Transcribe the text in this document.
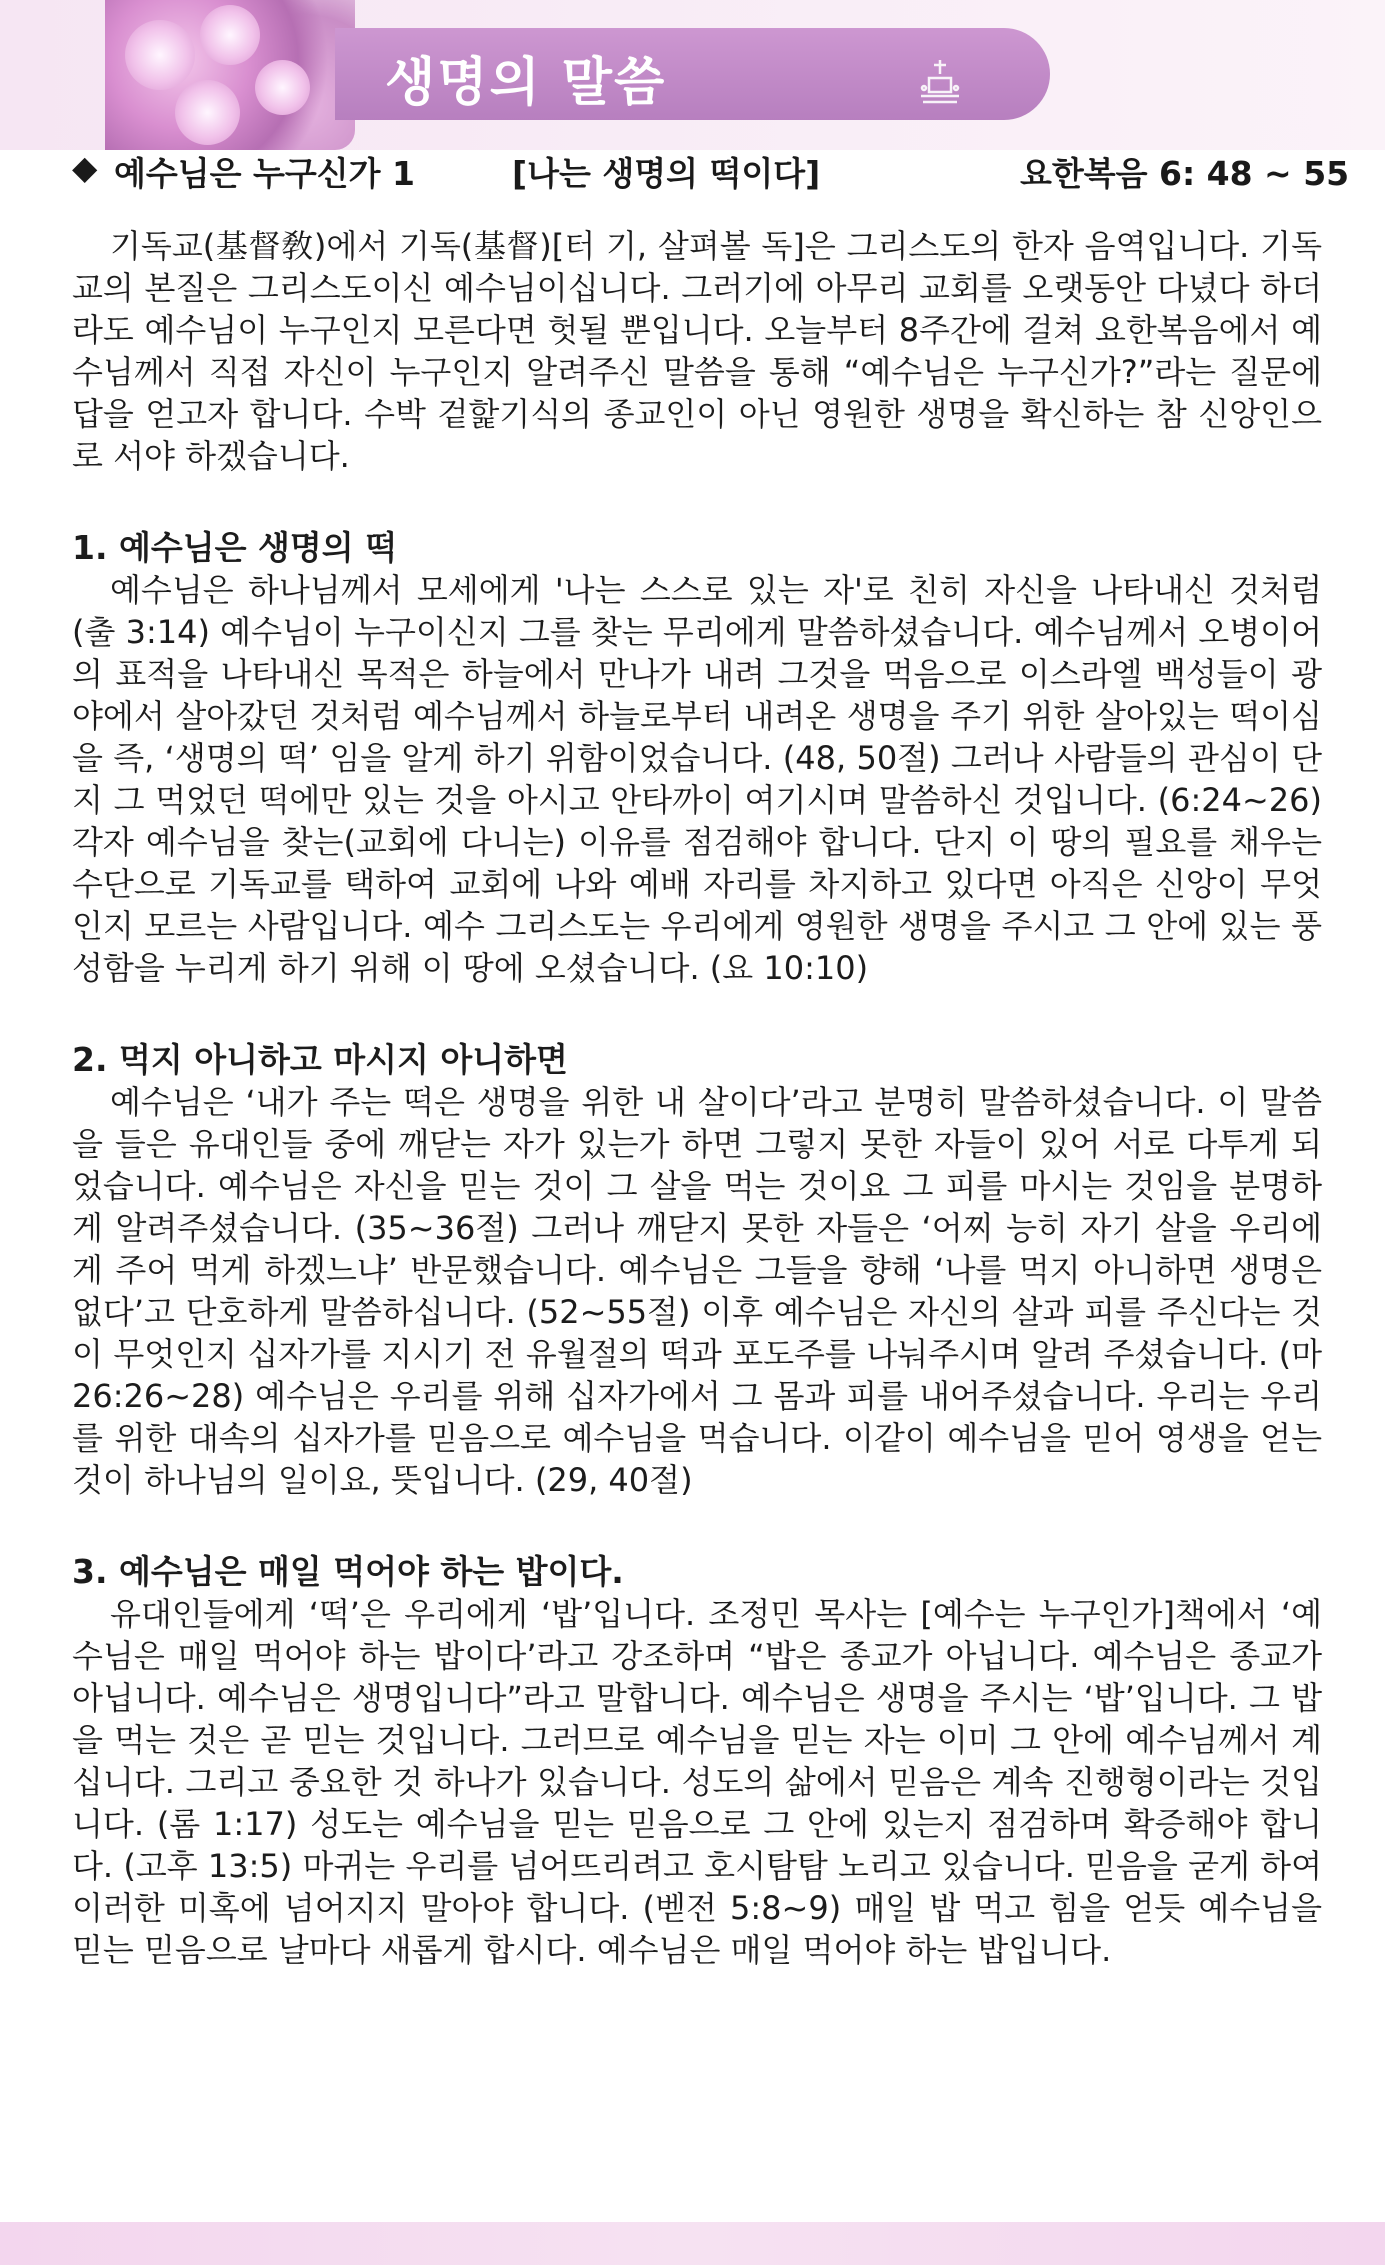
생명의 말씀

◆

예수님은 누구신가 1

	[나는 생명의 떡이다]

	요한복음 6: 48 ~ 55

기독교(基督敎)에서 기독(基督)[터 기, 살펴볼 독]은 그리스도의 한자 음역입니다. 기독교의 본질은 그리스도이신 예수님이십니다. 그러기에 아무리 교회를 오랫동안 다녔다 하더라도 예수님이 누구인지 모른다면 헛될 뿐입니다. 오늘부터 8주간에 걸쳐 요한복음에서 예수님께서 직접 자신이 누구인지 알려주신 말씀을 통해 “예수님은 누구신가?”라는 질문에 답을 얻고자 합니다. 수박 겉핥기식의 종교인이 아닌 영원한 생명을 확신하는 참 신앙인으로 서야 하겠습니다.

1. 예수님은 생명의 떡

예수님은 하나님께서 모세에게 '나는 스스로 있는 자'로 친히 자신을 나타내신 것처럼 (출 3:14) 예수님이 누구이신지 그를 찾는 무리에게 말씀하셨습니다. 예수님께서 오병이어의 표적을 나타내신 목적은 하늘에서 만나가 내려 그것을 먹음으로 이스라엘 백성들이 광야에서 살아갔던 것처럼 예수님께서 하늘로부터 내려온 생명을 주기 위한 살아있는 떡이심을 즉, ‘생명의 떡’ 임을 알게 하기 위함이었습니다. (48, 50절) 그러나 사람들의 관심이 단지 그 먹었던 떡에만 있는 것을 아시고 안타까이 여기시며 말씀하신 것입니다. (6:24~26) 각자 예수님을 찾는(교회에 다니는) 이유를 점검해야 합니다. 단지 이 땅의 필요를 채우는 수단으로 기독교를 택하여 교회에 나와 예배 자리를 차지하고 있다면 아직은 신앙이 무엇인지 모르는 사람입니다. 예수 그리스도는 우리에게 영원한 생명을 주시고 그 안에 있는 풍성함을 누리게 하기 위해 이 땅에 오셨습니다. (요 10:10)

2. 먹지 아니하고 마시지 아니하면

예수님은 ‘내가 주는 떡은 생명을 위한 내 살이다’라고 분명히 말씀하셨습니다. 이 말씀을 들은 유대인들 중에 깨닫는 자가 있는가 하면 그렇지 못한 자들이 있어 서로 다투게 되었습니다. 예수님은 자신을 믿는 것이 그 살을 먹는 것이요 그 피를 마시는 것임을 분명하게 알려주셨습니다. (35~36절) 그러나 깨닫지 못한 자들은 ‘어찌 능히 자기 살을 우리에게 주어 먹게 하겠느냐’ 반문했습니다. 예수님은 그들을 향해 ‘나를 먹지 아니하면 생명은 없다’고 단호하게 말씀하십니다. (52~55절) 이후 예수님은 자신의 살과 피를 주신다는 것이 무엇인지 십자가를 지시기 전 유월절의 떡과 포도주를 나눠주시며 알려 주셨습니다. (마 26:26~28) 예수님은 우리를 위해 십자가에서 그 몸과 피를 내어주셨습니다. 우리는 우리를 위한 대속의 십자가를 믿음으로 예수님을 먹습니다. 이같이 예수님을 믿어 영생을 얻는 것이 하나님의 일이요, 뜻입니다. (29, 40절)

3. 예수님은 매일 먹어야 하는 밥이다.

유대인들에게 ‘떡’은 우리에게 ‘밥’입니다. 조정민 목사는 [예수는 누구인가]책에서 ‘예수님은 매일 먹어야 하는 밥이다’라고 강조하며 “밥은 종교가 아닙니다. 예수님은 종교가 아닙니다. 예수님은 생명입니다”라고 말합니다. 예수님은 생명을 주시는 ‘밥’입니다. 그 밥을 먹는 것은 곧 믿는 것입니다. 그러므로 예수님을 믿는 자는 이미 그 안에 예수님께서 계십니다. 그리고 중요한 것 하나가 있습니다. 성도의 삶에서 믿음은 계속 진행형이라는 것입니다. (롬 1:17) 성도는 예수님을 믿는 믿음으로 그 안에 있는지 점검하며 확증해야 합니다. (고후 13:5) 마귀는 우리를 넘어뜨리려고 호시탐탐 노리고 있습니다. 믿음을 굳게 하여 이러한 미혹에 넘어지지 말아야 합니다. (벧전 5:8~9) 매일 밥 먹고 힘을 얻듯 예수님을 믿는 믿음으로 날마다 새롭게 합시다. 예수님은 매일 먹어야 하는 밥입니다.
